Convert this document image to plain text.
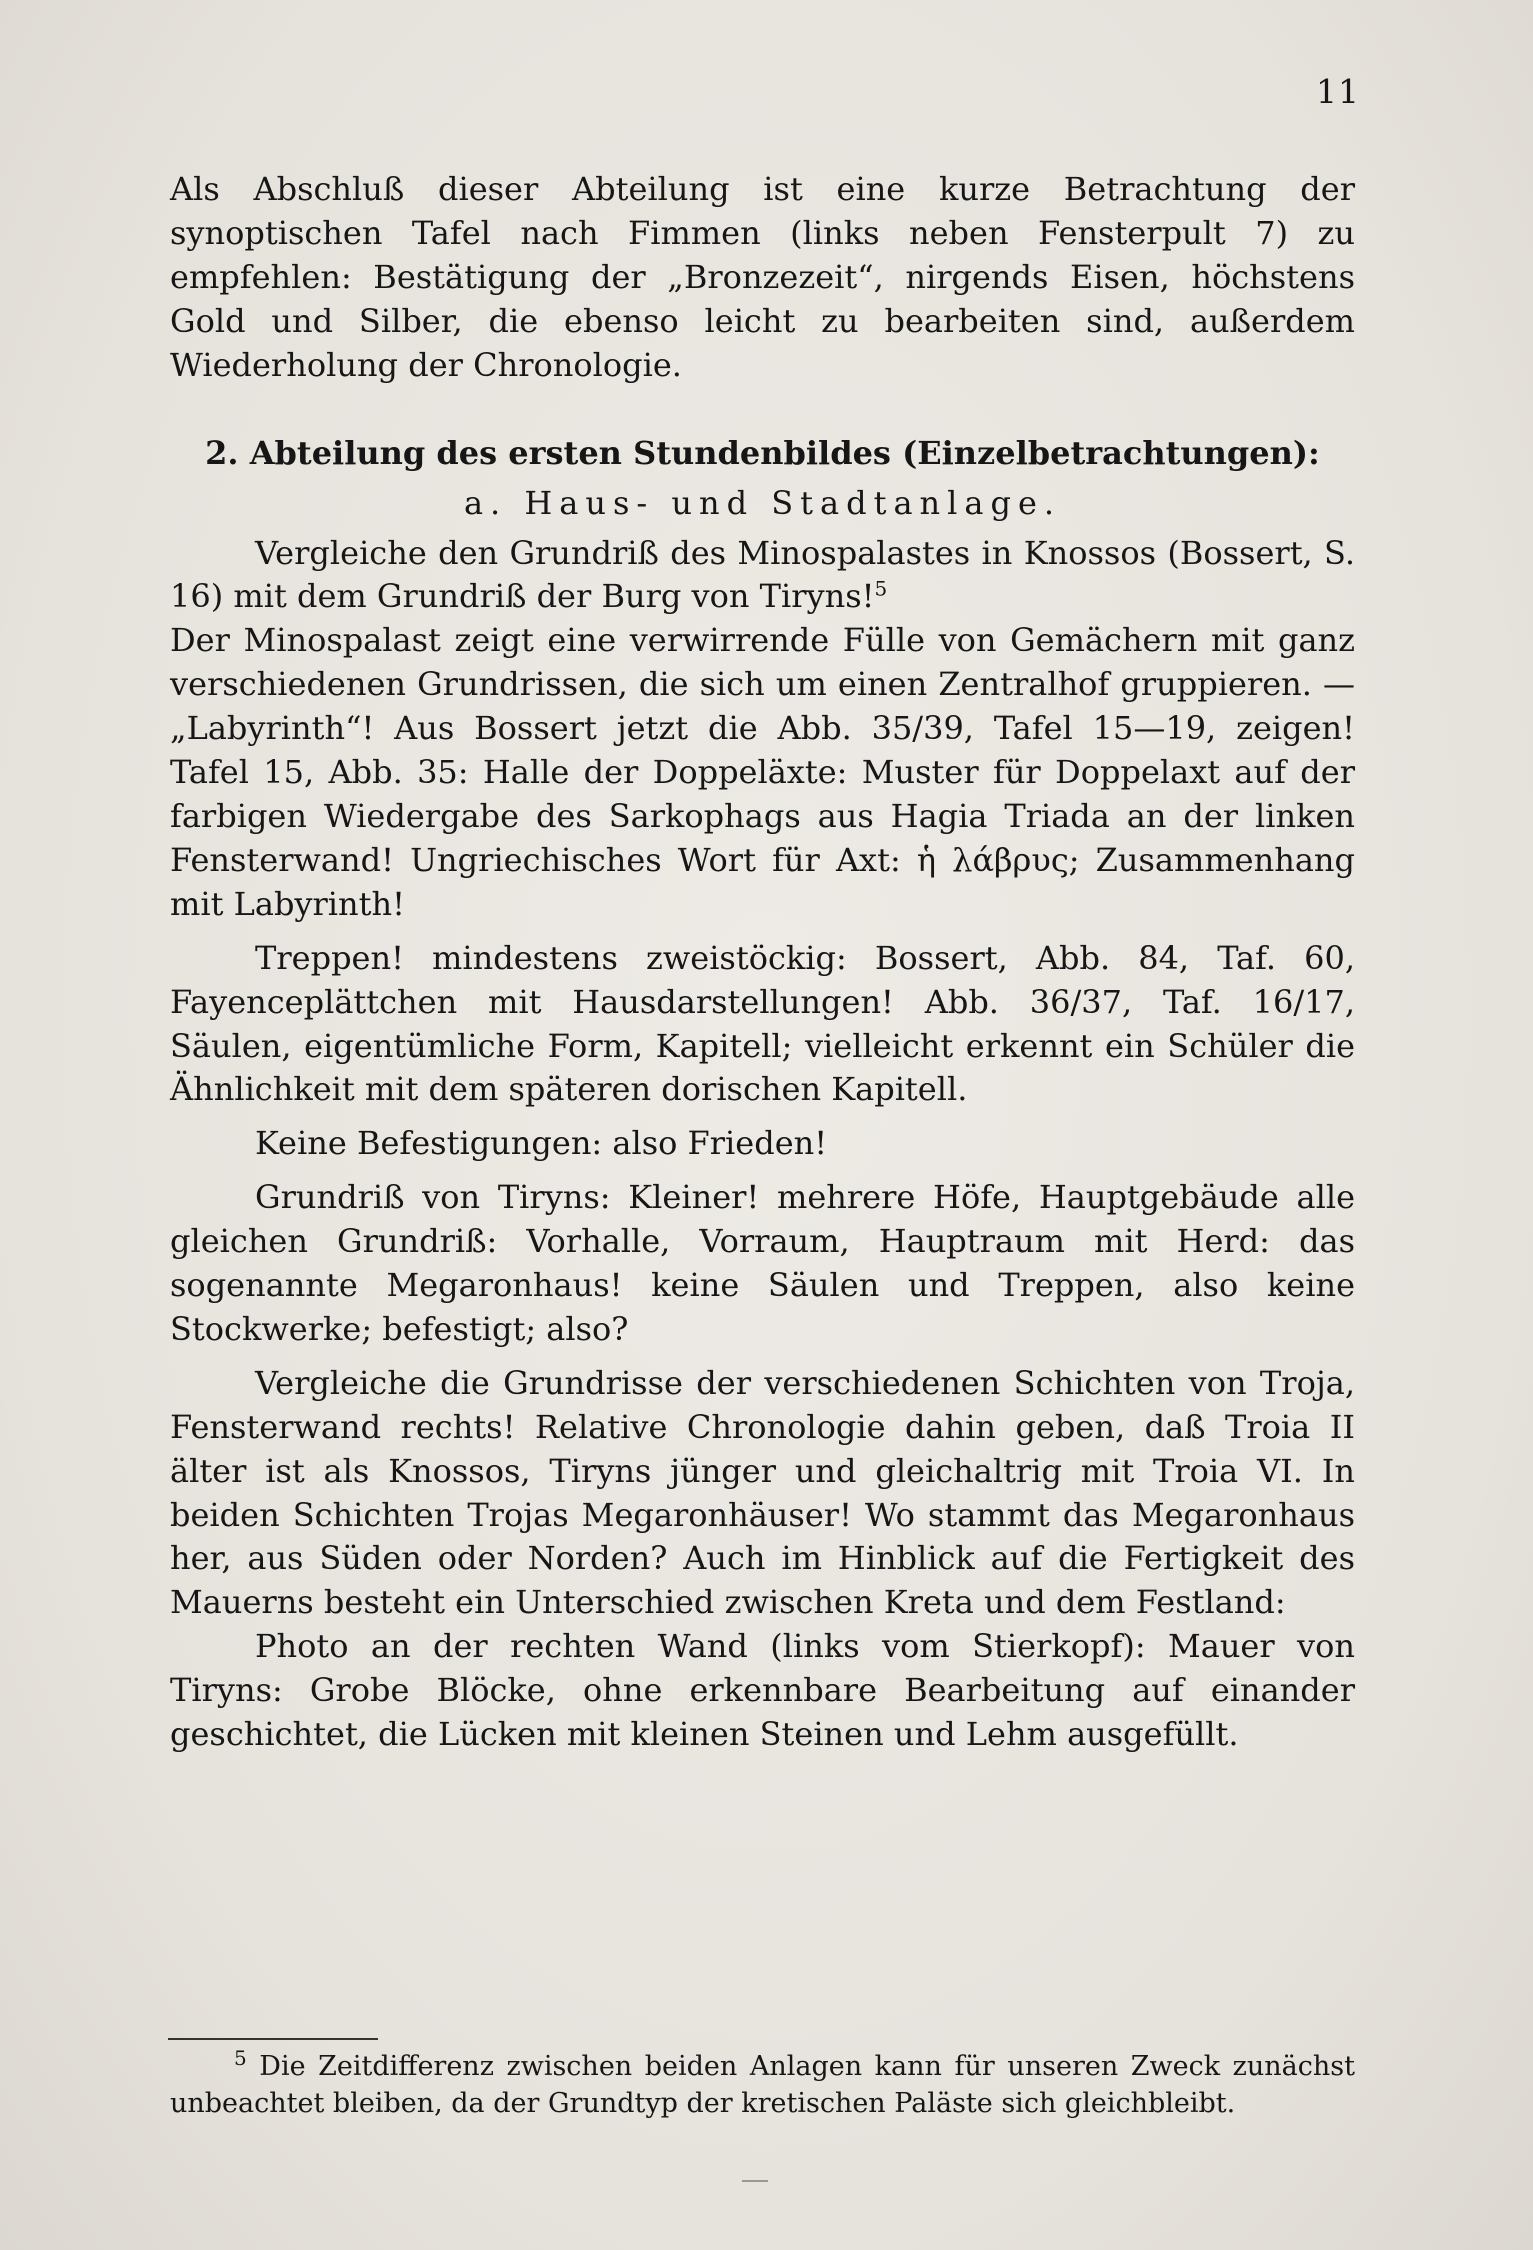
11

Als Abschluß dieser Abteilung ist eine kurze Betrachtung der synoptischen Tafel nach Fimmen (links neben Fensterpult 7) zu empfehlen: Bestätigung der „Bronzezeit“, nirgends Eisen, höchstens Gold und Silber, die ebenso leicht zu bearbeiten sind, außerdem Wiederholung der Chronologie.

2. Abteilung des ersten Stundenbildes (Einzelbetrachtungen):
a. Haus- und Stadtanlage.

Vergleiche den Grundriß des Minospalastes in Knossos (Bossert, S. 16) mit dem Grundriß der Burg von Tiryns!$^5$

Der Minospalast zeigt eine verwirrende Fülle von Gemächern mit ganz verschiedenen Grundrissen, die sich um einen Zentralhof gruppieren. — „Labyrinth“! Aus Bossert jetzt die Abb. 35/39, Tafel 15—19, zeigen! Tafel 15, Abb. 35: Halle der Doppeläxte: Muster für Doppelaxt auf der farbigen Wiedergabe des Sarkophags aus Hagia Triada an der linken Fensterwand! Ungriechisches Wort für Axt: ἡ λάβρυς; Zusammenhang mit Labyrinth!

Treppen! mindestens zweistöckig: Bossert, Abb. 84, Taf. 60, Fayenceplättchen mit Hausdarstellungen! Abb. 36/37, Taf. 16/17, Säulen, eigentümliche Form, Kapitell; vielleicht erkennt ein Schüler die Ähnlichkeit mit dem späteren dorischen Kapitell.

Keine Befestigungen: also Frieden!

Grundriß von Tiryns: Kleiner! mehrere Höfe, Hauptgebäude alle gleichen Grundriß: Vorhalle, Vorraum, Hauptraum mit Herd: das sogenannte Megaronhaus! keine Säulen und Treppen, also keine Stockwerke; befestigt; also?

Vergleiche die Grundrisse der verschiedenen Schichten von Troja, Fensterwand rechts! Relative Chronologie dahin geben, daß Troia II älter ist als Knossos, Tiryns jünger und gleichaltrig mit Troia VI. In beiden Schichten Trojas Megaronhäuser! Wo stammt das Megaronhaus her, aus Süden oder Norden? Auch im Hinblick auf die Fertigkeit des Mauerns besteht ein Unterschied zwischen Kreta und dem Festland:

Photo an der rechten Wand (links vom Stierkopf): Mauer von Tiryns: Grobe Blöcke, ohne erkennbare Bearbeitung auf einander geschichtet, die Lücken mit kleinen Steinen und Lehm ausgefüllt.

$^5$ Die Zeitdifferenz zwischen beiden Anlagen kann für unseren Zweck zunächst unbeachtet bleiben, da der Grundtyp der kretischen Paläste sich gleichbleibt.
